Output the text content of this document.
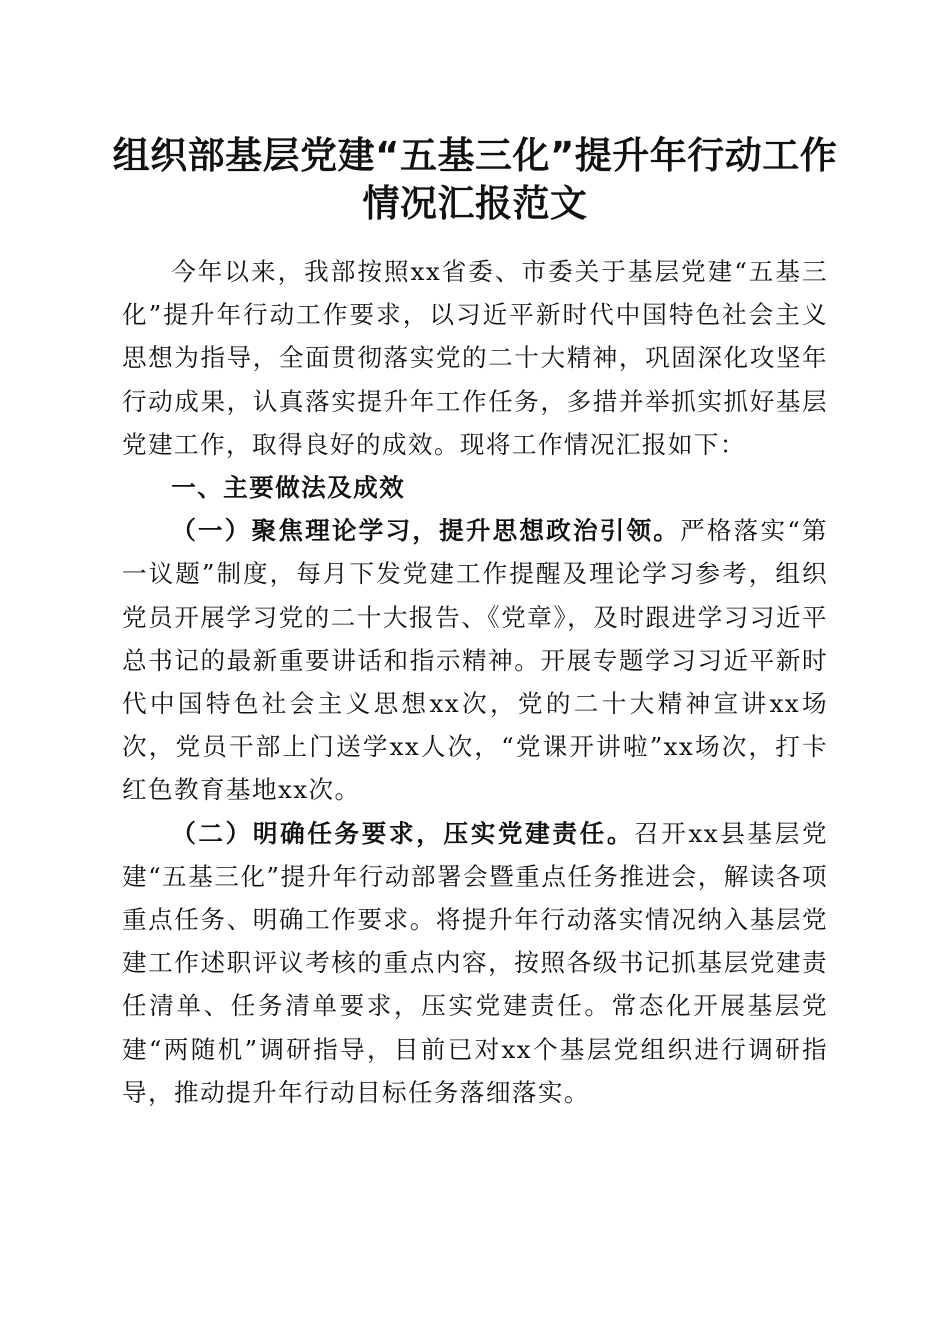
组织部基层党建“五基三化”提升年行动工作
情况汇报范文

今年以来，我部按照xx省委、市委关于基层党建“五基三化”提升年行动工作要求，以习近平新时代中国特色社会主义思想为指导，全面贯彻落实党的二十大精神，巩固深化攻坚年行动成果，认真落实提升年工作任务，多措并举抓实抓好基层党建工作，取得良好的成效。现将工作情况汇报如下：

一、主要做法及成效

（一）聚焦理论学习，提升思想政治引领。严格落实“第一议题”制度，每月下发党建工作提醒及理论学习参考，组织党员开展学习党的二十大报告、《党章》，及时跟进学习习近平总书记的最新重要讲话和指示精神。开展专题学习习近平新时代中国特色社会主义思想xx次，党的二十大精神宣讲xx场次，党员干部上门送学xx人次，“党课开讲啦”xx场次，打卡红色教育基地xx次。

（二）明确任务要求，压实党建责任。召开xx县基层党建“五基三化”提升年行动部署会暨重点任务推进会，解读各项重点任务、明确工作要求。将提升年行动落实情况纳入基层党建工作述职评议考核的重点内容，按照各级书记抓基层党建责任清单、任务清单要求，压实党建责任。常态化开展基层党建“两随机”调研指导，目前已对xx个基层党组织进行调研指导，推动提升年行动目标任务落细落实。
